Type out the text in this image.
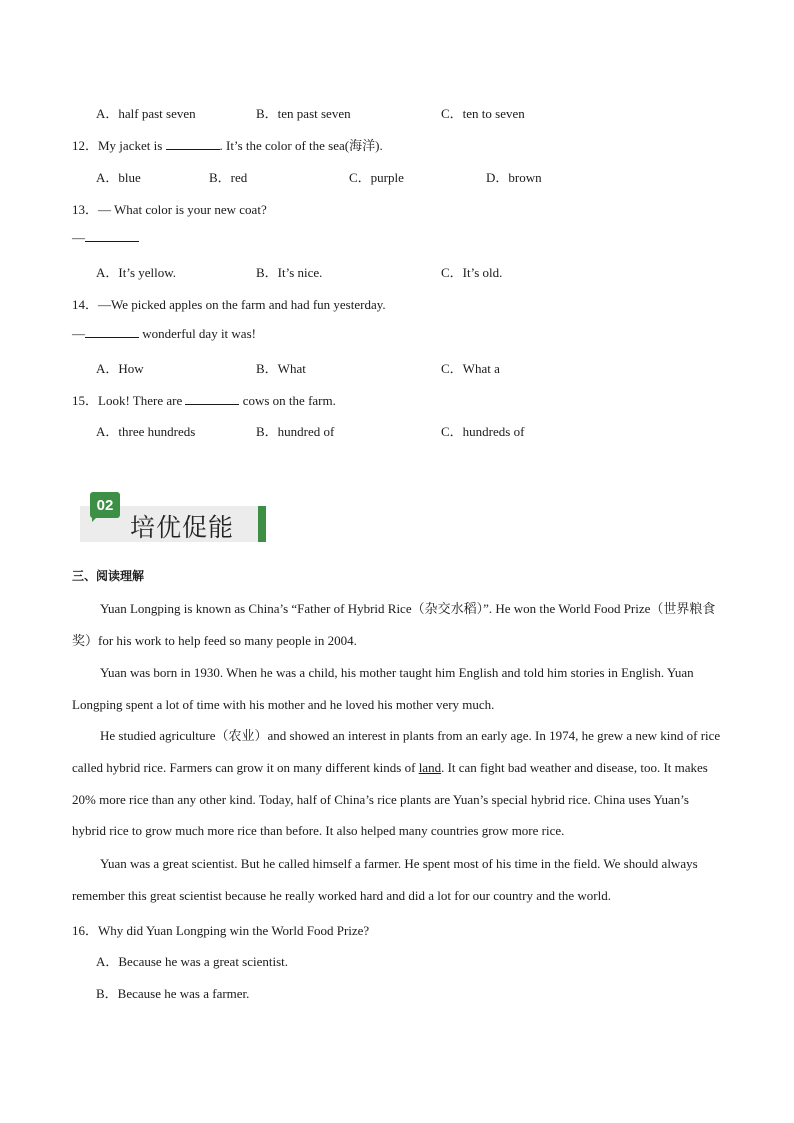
A．half past seven	B．ten past seven	C．ten to seven
12．My jacket is	. It’s the color of the sea(海洋).
A．blue	B．red	C．purple	D．brown
13．— What color is your new coat?
—
A．It’s yellow.	B．It’s nice.	C．It’s old.
14．—We picked apples on the farm and had fun yesterday.
—	wonderful day it was!
A．How	B．What	C．What a
15．Look! There are	cows on the farm.
A．three hundreds	B．hundred of	C．hundreds of
02
培优促能
三、阅读理解
Yuan Longping is known as China’s “Father of Hybrid Rice（杂交水稻）”. He won the World Food Prize（世界粮食奖）for his work to help feed so many people in 2004.
Yuan was born in 1930. When he was a child, his mother taught him English and told him stories in English. Yuan Longping spent a lot of time with his mother and he loved his mother very much.
He studied agriculture（农业）and showed an interest in plants from an early age. In 1974, he grew a new kind of rice called hybrid rice. Farmers can grow it on many different kinds of land. It can fight bad weather and disease, too. It makes 20% more rice than any other kind. Today, half of China’s rice plants are Yuan’s special hybrid rice. China uses Yuan’s hybrid rice to grow much more rice than before. It also helped many countries grow more rice.
Yuan was a great scientist. But he called himself a farmer. He spent most of his time in the field. We should always remember this great scientist because he really worked hard and did a lot for our country and the world.
16．Why did Yuan Longping win the World Food Prize?
A．Because he was a great scientist.
B．Because he was a farmer.
